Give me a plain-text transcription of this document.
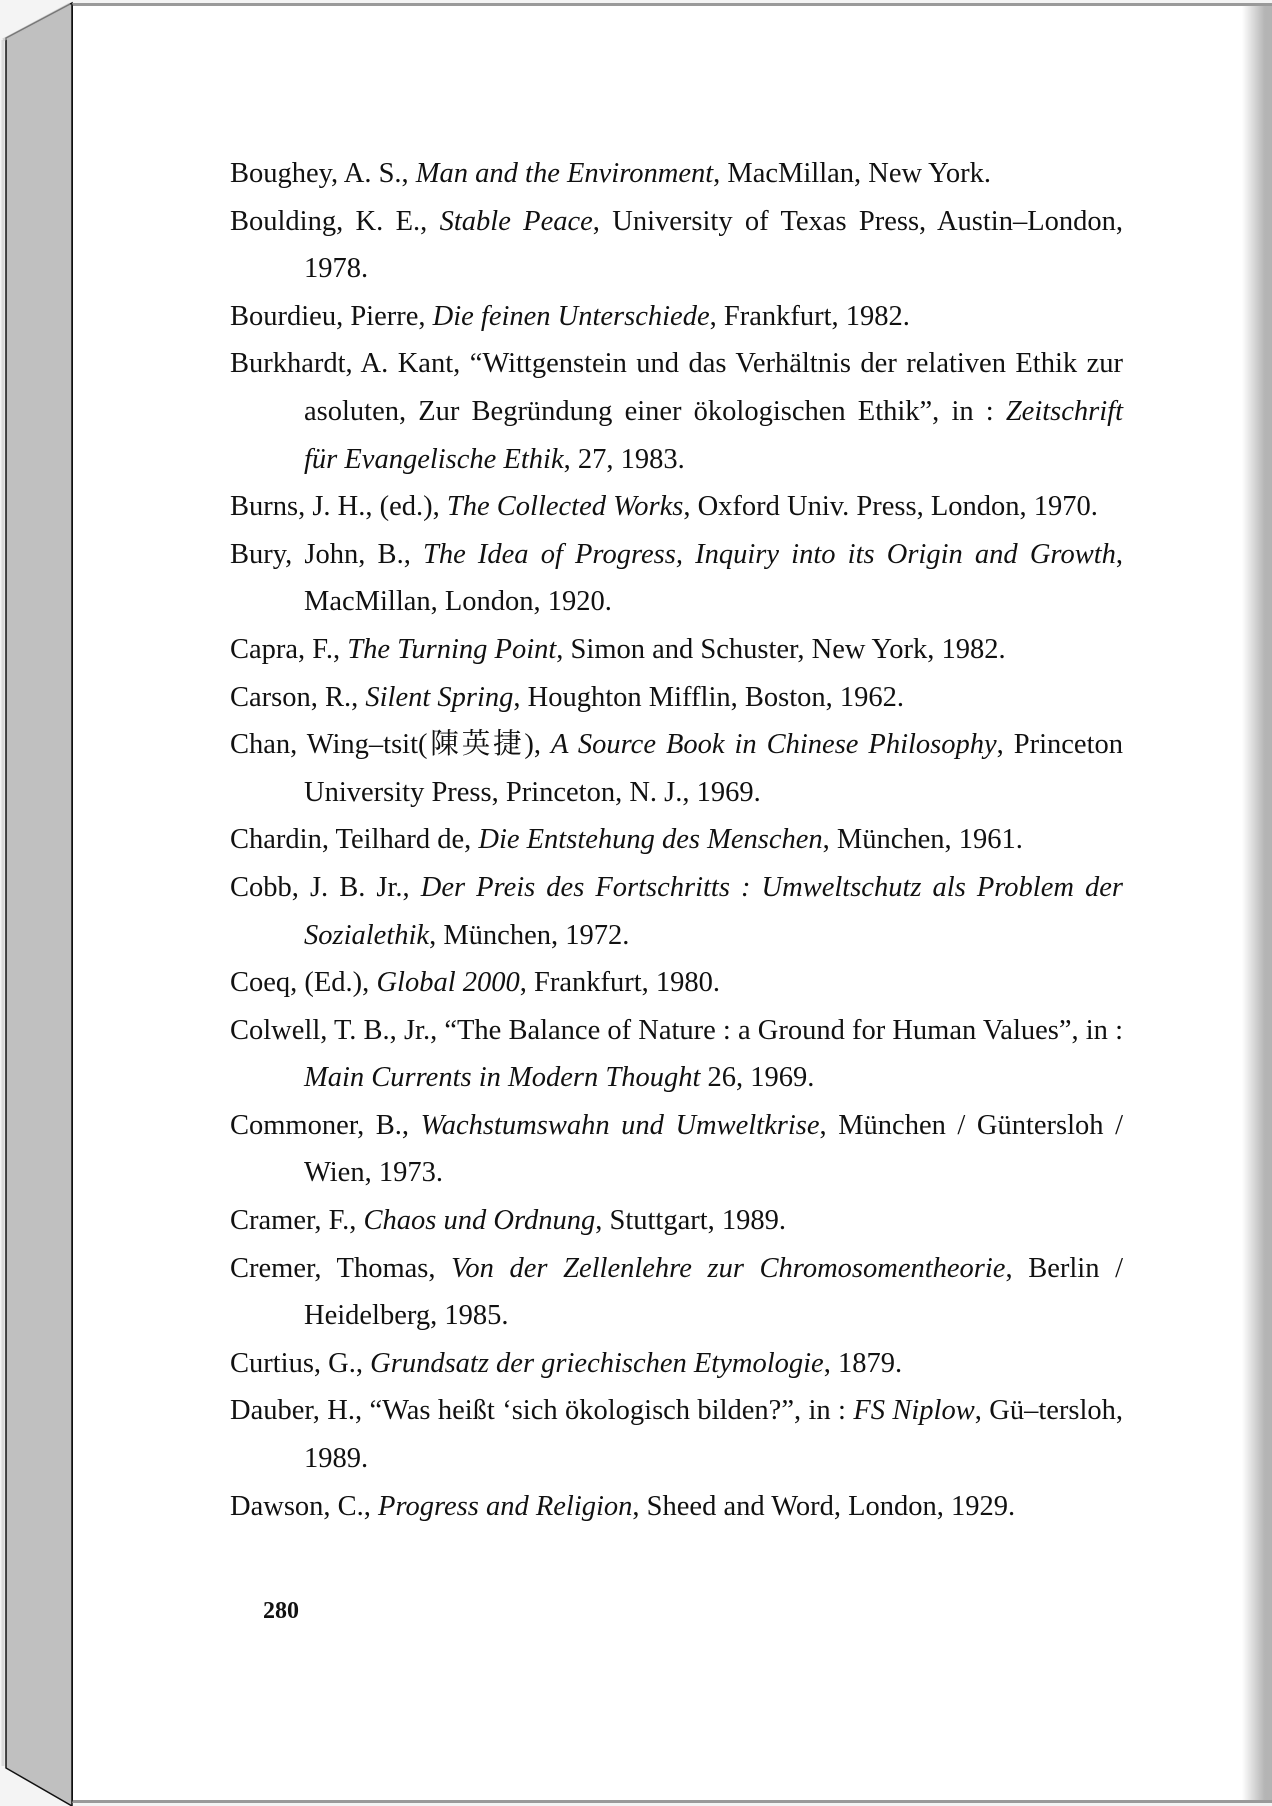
Boughey, A. S., Man and the Environment, MacMillan, New York.

Boulding, K. E., Stable Peace, University of Texas Press, Austin–London, 1978.

Bourdieu, Pierre, Die feinen Unterschiede, Frankfurt, 1982.

Burkhardt, A. Kant, “Wittgenstein und das Verhältnis der relativen Ethik zur asoluten, Zur Begründung einer ökologischen Ethik”, in : Zeitschrift für Evangelische Ethik, 27, 1983.

Burns, J. H., (ed.), The Collected Works, Oxford Univ. Press, London, 1970.

Bury, John, B., The Idea of Progress, Inquiry into its Origin and Growth, MacMillan, London, 1920.

Capra, F., The Turning Point, Simon and Schuster, New York, 1982.

Carson, R., Silent Spring, Houghton Mifflin, Boston, 1962.

Chan, Wing–tsit(陳英捷), A Source Book in Chinese Philosophy, Princeton University Press, Princeton, N. J., 1969.

Chardin, Teilhard de, Die Entstehung des Menschen, München, 1961.

Cobb, J. B. Jr., Der Preis des Fortschritts : Umweltschutz als Problem der Sozialethik, München, 1972.

Coeq, (Ed.), Global 2000, Frankfurt, 1980.

Colwell, T. B., Jr., “The Balance of Nature : a Ground for Human Values”, in : Main Currents in Modern Thought 26, 1969.

Commoner, B., Wachstumswahn und Umweltkrise, München / Güntersloh / Wien, 1973.

Cramer, F., Chaos und Ordnung, Stuttgart, 1989.

Cremer, Thomas, Von der Zellenlehre zur Chromosomentheorie, Berlin / Heidelberg, 1985.

Curtius, G., Grundsatz der griechischen Etymologie, 1879.

Dauber, H., “Was heißt ‘sich ökologisch bilden?”, in : FS Niplow, Gü–tersloh, 1989.

Dawson, C., Progress and Religion, Sheed and Word, London, 1929.

280
